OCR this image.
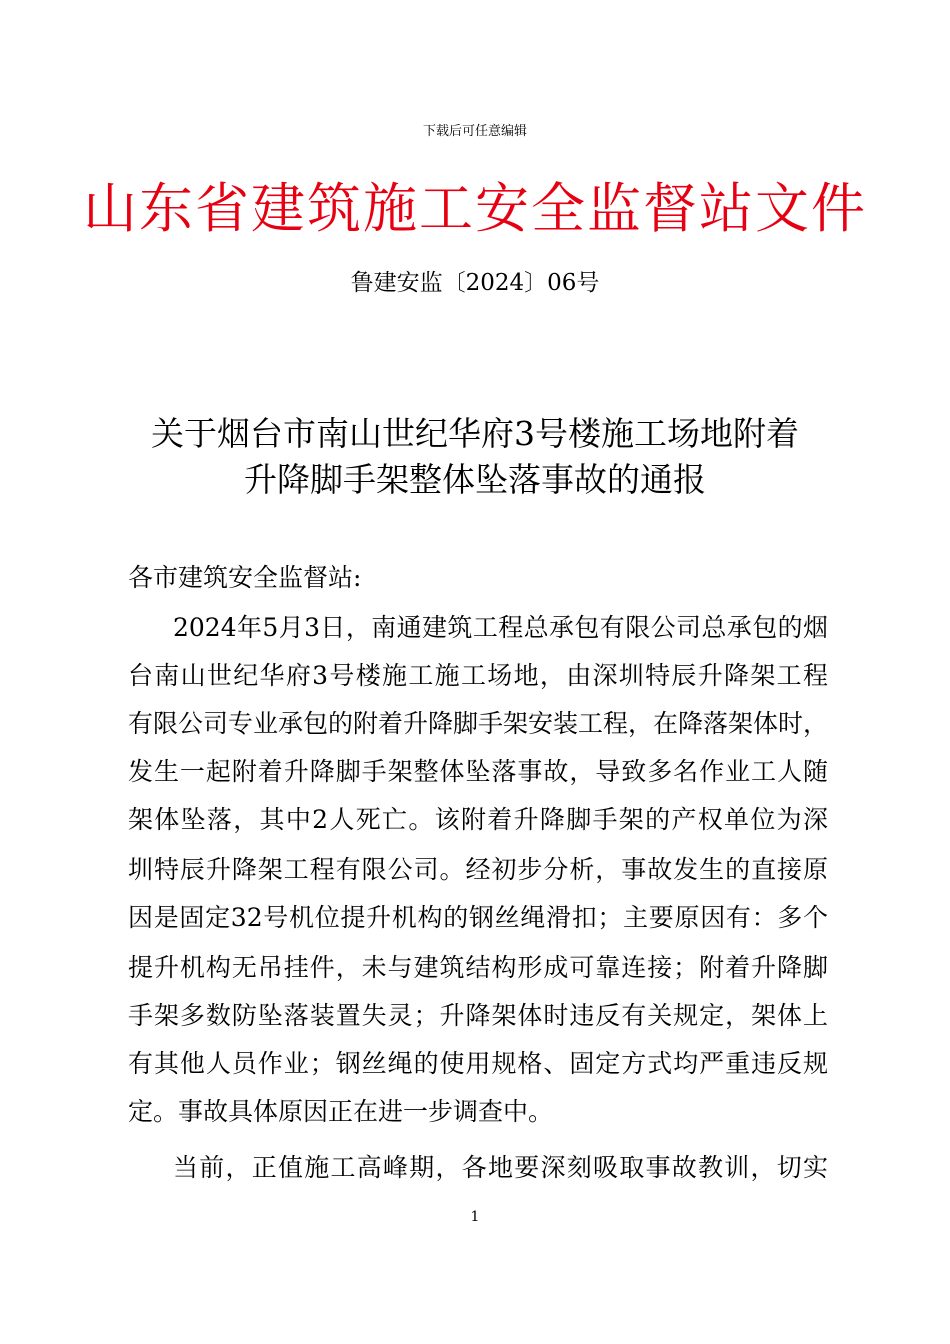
下载后可任意编辑
山东省建筑施工安全监督站文件
鲁建安监〔2024〕06号
关于烟台市南山世纪华府3号楼施工场地附着
升降脚手架整体坠落事故的通报
各市建筑安全监督站:
2024年5月3日，南通建筑工程总承包有限公司总承包的烟
台南山世纪华府3号楼施工施工场地，由深圳特辰升降架工程
有限公司专业承包的附着升降脚手架安装工程，在降落架体时，
发生一起附着升降脚手架整体坠落事故，导致多名作业工人随
架体坠落，其中2人死亡。该附着升降脚手架的产权单位为深
圳特辰升降架工程有限公司。经初步分析，事故发生的直接原
因是固定32号机位提升机构的钢丝绳滑扣；主要原因有：多个
提升机构无吊挂件，未与建筑结构形成可靠连接；附着升降脚
手架多数防坠落装置失灵；升降架体时违反有关规定，架体上
有其他人员作业；钢丝绳的使用规格、固定方式均严重违反规
定。事故具体原因正在进一步调查中。
当前，正值施工高峰期，各地要深刻吸取事故教训，切实
1
